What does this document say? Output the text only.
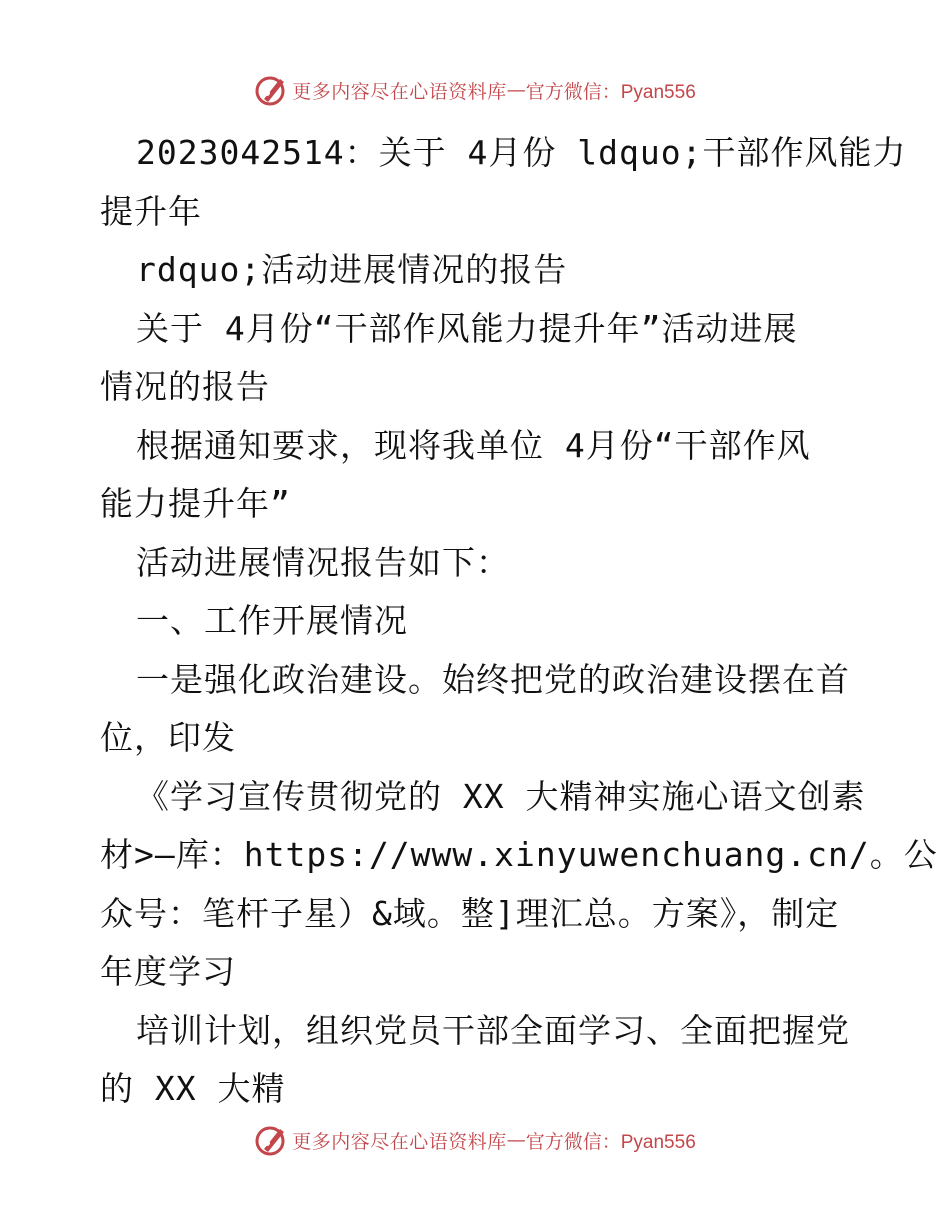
更多内容尽在心语资料库 — 官方微信：Pyan556
2023042514：关于 4月份 ldquo;干部作风能力
提升年
rdquo;活动进展情况的报告
关于 4月份“干部作风能力提升年”活动进展
情况的报告
根据通知要求，现将我单位 4月份“干部作风
能力提升年”
活动进展情况报告如下：
一、工作开展情况
一是强化政治建设。始终把党的政治建设摆在首
位，印发
《学习宣传贯彻党的 XX 大精神实施心语文创素
材>—库：https://www.xinyuwenchuang.cn/。公
众号：笔杆子星）&域。整]理汇总。方案》，制定
年度学习
培训计划，组织党员干部全面学习、全面把握党
的 XX 大精
更多内容尽在心语资料库 — 官方微信：Pyan556
